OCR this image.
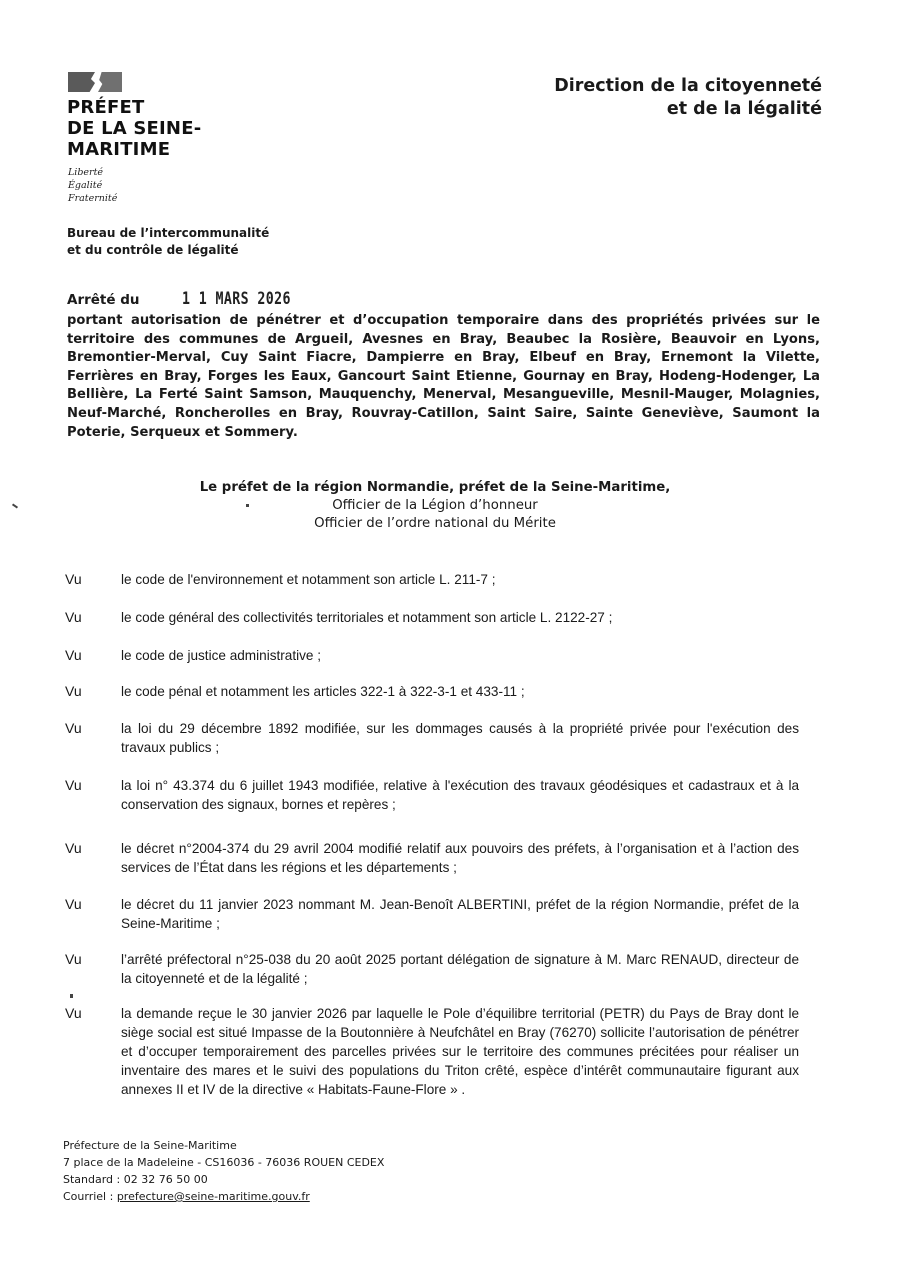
PRÉFET
DE LA SEINE-
MARITIME
Liberté
Égalité
Fraternité
Bureau de l’intercommunalité
et du contrôle de légalité
Direction de la citoyenneté
et de la légalité
Arrêté du 1 1 MARS 2026
portant autorisation de pénétrer et d’occupation temporaire dans des propriétés privées sur le territoire des communes de Argueil, Avesnes en Bray, Beaubec la Rosière, Beauvoir en Lyons, Bremontier-Merval, Cuy Saint Fiacre, Dampierre en Bray, Elbeuf en Bray, Ernemont la Vilette, Ferrières en Bray, Forges les Eaux, Gancourt Saint Etienne, Gournay en Bray, Hodeng-Hodenger, La Bellière, La Ferté Saint Samson, Mauquenchy, Menerval, Mesangueville, Mesnil-Mauger, Molagnies, Neuf-Marché, Roncherolles en Bray, Rouvray-Catillon, Saint Saire, Sainte Geneviève, Saumont la Poterie, Serqueux et Sommery.
Le préfet de la région Normandie, préfet de la Seine-Maritime,
Officier de la Légion d’honneur
Officier de l’ordre national du Mérite
Vu	le code de l'environnement et notamment son article L. 211-7 ;
Vu	le code général des collectivités territoriales et notamment son article L. 2122-27 ;
Vu	le code de justice administrative ;
Vu	le code pénal et notamment les articles 322-1 à 322-3-1 et 433-11 ;
Vu	la loi du 29 décembre 1892 modifiée, sur les dommages causés à la propriété privée pour l'exécution des travaux publics ;
Vu	la loi n° 43.374 du 6 juillet 1943 modifiée, relative à l'exécution des travaux géodésiques et cadastraux et à la conservation des signaux, bornes et repères ;
Vu	le décret n°2004-374 du 29 avril 2004 modifié relatif aux pouvoirs des préfets, à l’organisation et à l’action des services de l’État dans les régions et les départements ;
Vu	le décret du 11 janvier 2023 nommant M. Jean-Benoît ALBERTINI, préfet de la région Normandie, préfet de la Seine-Maritime ;
Vu	l’arrêté préfectoral n°25-038 du 20 août 2025 portant délégation de signature à M. Marc RENAUD, directeur de la citoyenneté et de la légalité ;
Vu	la demande reçue le 30 janvier 2026 par laquelle le Pole d’équilibre territorial (PETR) du Pays de Bray dont le siège social est situé Impasse de la Boutonnière à Neufchâtel en Bray (76270) sollicite l’autorisation de pénétrer et d’occuper temporairement des parcelles privées sur le territoire des communes précitées pour réaliser un inventaire des mares et le suivi des populations du Triton crêté, espèce d’intérêt communautaire figurant aux annexes II et IV de la directive « Habitats-Faune-Flore » .
Préfecture de la Seine-Maritime
7 place de la Madeleine - CS16036 - 76036 ROUEN CEDEX
Standard : 02 32 76 50 00
Courriel : prefecture@seine-maritime.gouv.fr
